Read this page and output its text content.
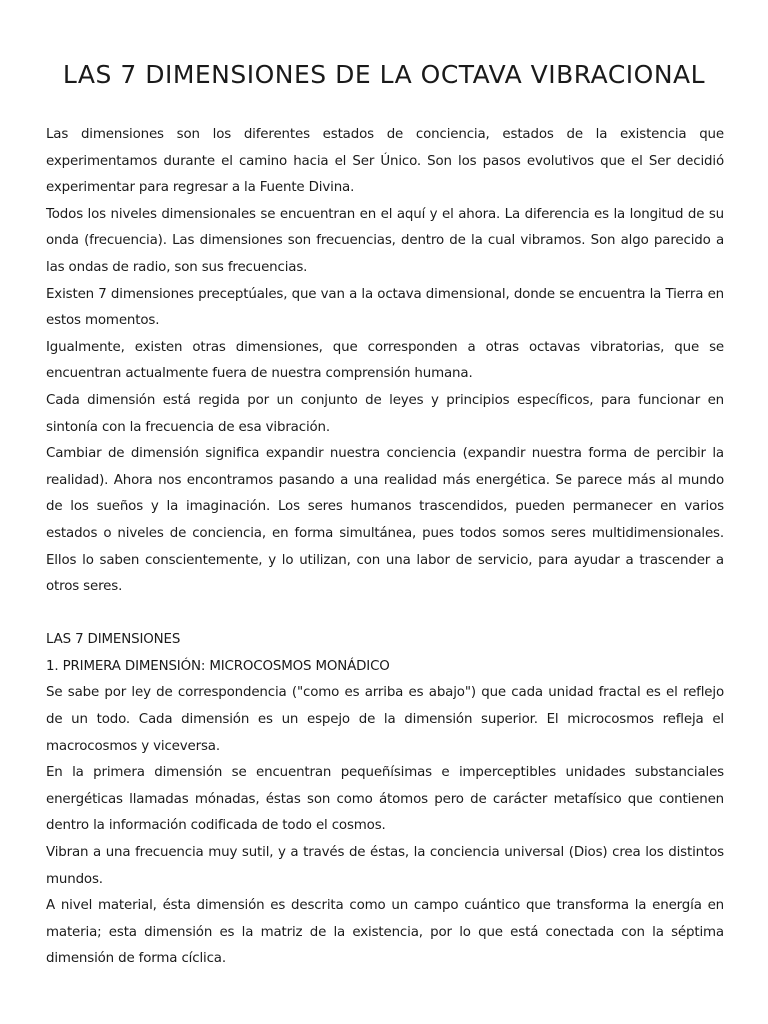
LAS 7 DIMENSIONES DE LA OCTAVA VIBRACIONAL

Las dimensiones son los diferentes estados de conciencia, estados de la existencia que experimentamos durante el camino hacia el Ser Único. Son los pasos evolutivos que el Ser decidió experimentar para regresar a la Fuente Divina.

Todos los niveles dimensionales se encuentran en el aquí y el ahora. La diferencia es la longitud de su onda (frecuencia). Las dimensiones son frecuencias, dentro de la cual vibramos. Son algo parecido a las ondas de radio, son sus frecuencias.

Existen 7 dimensiones preceptúales, que van a la octava dimensional, donde se encuentra la Tierra en estos momentos.

Igualmente, existen otras dimensiones, que corresponden a otras octavas vibratorias, que se encuentran actualmente fuera de nuestra comprensión humana.

Cada dimensión está regida por un conjunto de leyes y principios específicos, para funcionar en sintonía con la frecuencia de esa vibración.

Cambiar de dimensión significa expandir nuestra conciencia (expandir nuestra forma de percibir la realidad). Ahora nos encontramos pasando a una realidad más energética. Se parece más al mundo de los sueños y la imaginación. Los seres humanos trascendidos, pueden permanecer en varios estados o niveles de conciencia, en forma simultánea, pues todos somos seres multidimensionales. Ellos lo saben conscientemente, y lo utilizan, con una labor de servicio, para ayudar a trascender a otros seres.

LAS 7 DIMENSIONES

1. PRIMERA DIMENSIÓN: MICROCOSMOS MONÁDICO

Se sabe por ley de correspondencia ("como es arriba es abajo") que cada unidad fractal es el reflejo de un todo. Cada dimensión es un espejo de la dimensión superior. El microcosmos refleja el macrocosmos y viceversa.

En la primera dimensión se encuentran pequeñísimas e imperceptibles unidades substanciales energéticas llamadas mónadas, éstas son como átomos pero de carácter metafísico que contienen dentro la información codificada de todo el cosmos.

Vibran a una frecuencia muy sutil, y a través de éstas, la conciencia universal (Dios) crea los distintos mundos.

A nivel material, ésta dimensión es descrita como un campo cuántico que transforma la energía en materia; esta dimensión es la matriz de la existencia, por lo que está conectada con la séptima dimensión de forma cíclica.
